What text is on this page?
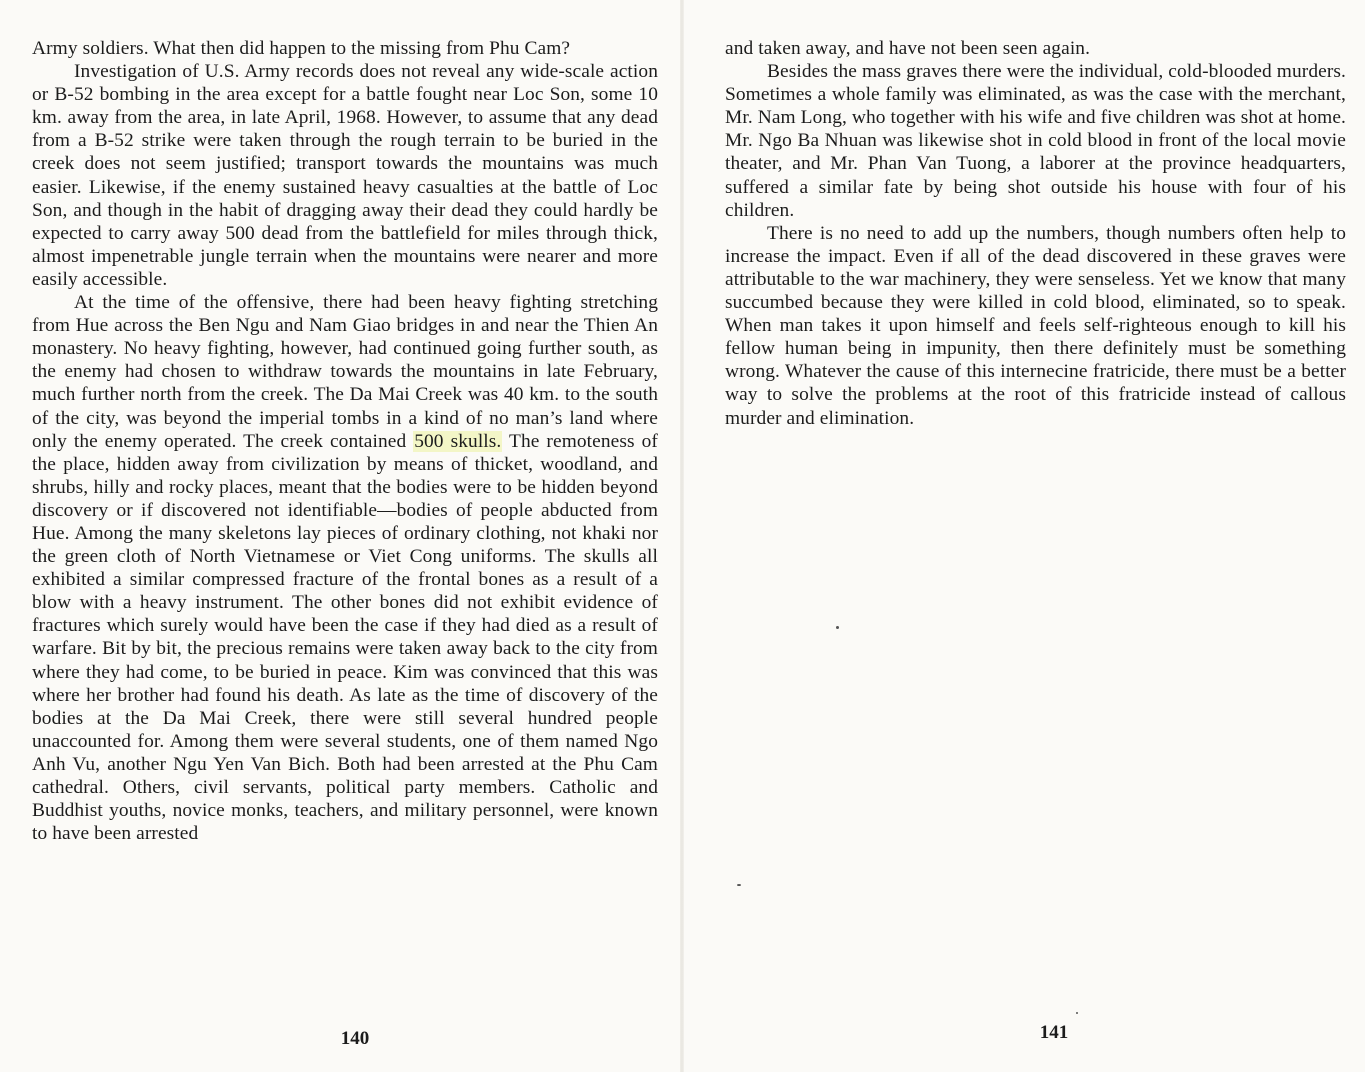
Army soldiers. What then did happen to the missing from Phu Cam?

Investigation of U.S. Army records does not reveal any wide-scale action or B-52 bombing in the area except for a battle fought near Loc Son, some 10 km. away from the area, in late April, 1968. However, to assume that any dead from a B-52 strike were taken through the rough terrain to be buried in the creek does not seem justified; transport towards the mountains was much easier. Likewise, if the enemy sustained heavy casualties at the battle of Loc Son, and though in the habit of dragging away their dead they could hardly be expected to carry away 500 dead from the battlefield for miles through thick, almost impenetrable jungle terrain when the mountains were nearer and more easily accessible.

At the time of the offensive, there had been heavy fighting stretching from Hue across the Ben Ngu and Nam Giao bridges in and near the Thien An monastery. No heavy fighting, however, had continued going further south, as the enemy had chosen to withdraw towards the mountains in late February, much further north from the creek. The Da Mai Creek was 40 km. to the south of the city, was beyond the imperial tombs in a kind of no man’s land where only the enemy operated. The creek contained 500 skulls. The remoteness of the place, hidden away from civilization by means of thicket, woodland, and shrubs, hilly and rocky places, meant that the bodies were to be hidden beyond discovery or if discovered not identifiable—bodies of people abducted from Hue. Among the many skeletons lay pieces of ordinary clothing, not khaki nor the green cloth of North Vietnamese or Viet Cong uniforms. The skulls all exhibited a similar compressed fracture of the frontal bones as a result of a blow with a heavy instrument. The other bones did not exhibit evidence of fractures which surely would have been the case if they had died as a result of warfare. Bit by bit, the precious remains were taken away back to the city from where they had come, to be buried in peace. Kim was convinced that this was where her brother had found his death. As late as the time of discovery of the bodies at the Da Mai Creek, there were still several hundred people unaccounted for. Among them were several students, one of them named Ngo Anh Vu, another Ngu Yen Van Bich. Both had been arrested at the Phu Cam cathedral. Others, civil servants, political party members. Catholic and Buddhist youths, novice monks, teachers, and military personnel, were known to have been arrested

140

and taken away, and have not been seen again.

Besides the mass graves there were the individual, cold-blooded murders. Sometimes a whole family was eliminated, as was the case with the merchant, Mr. Nam Long, who together with his wife and five children was shot at home. Mr. Ngo Ba Nhuan was likewise shot in cold blood in front of the local movie theater, and Mr. Phan Van Tuong, a laborer at the province headquarters, suffered a similar fate by being shot outside his house with four of his children.

There is no need to add up the numbers, though numbers often help to increase the impact. Even if all of the dead discovered in these graves were attributable to the war machinery, they were senseless. Yet we know that many succumbed because they were killed in cold blood, eliminated, so to speak. When man takes it upon himself and feels self-righteous enough to kill his fellow human being in impunity, then there definitely must be something wrong. Whatever the cause of this internecine fratricide, there must be a better way to solve the problems at the root of this fratricide instead of callous murder and elimination.

141
